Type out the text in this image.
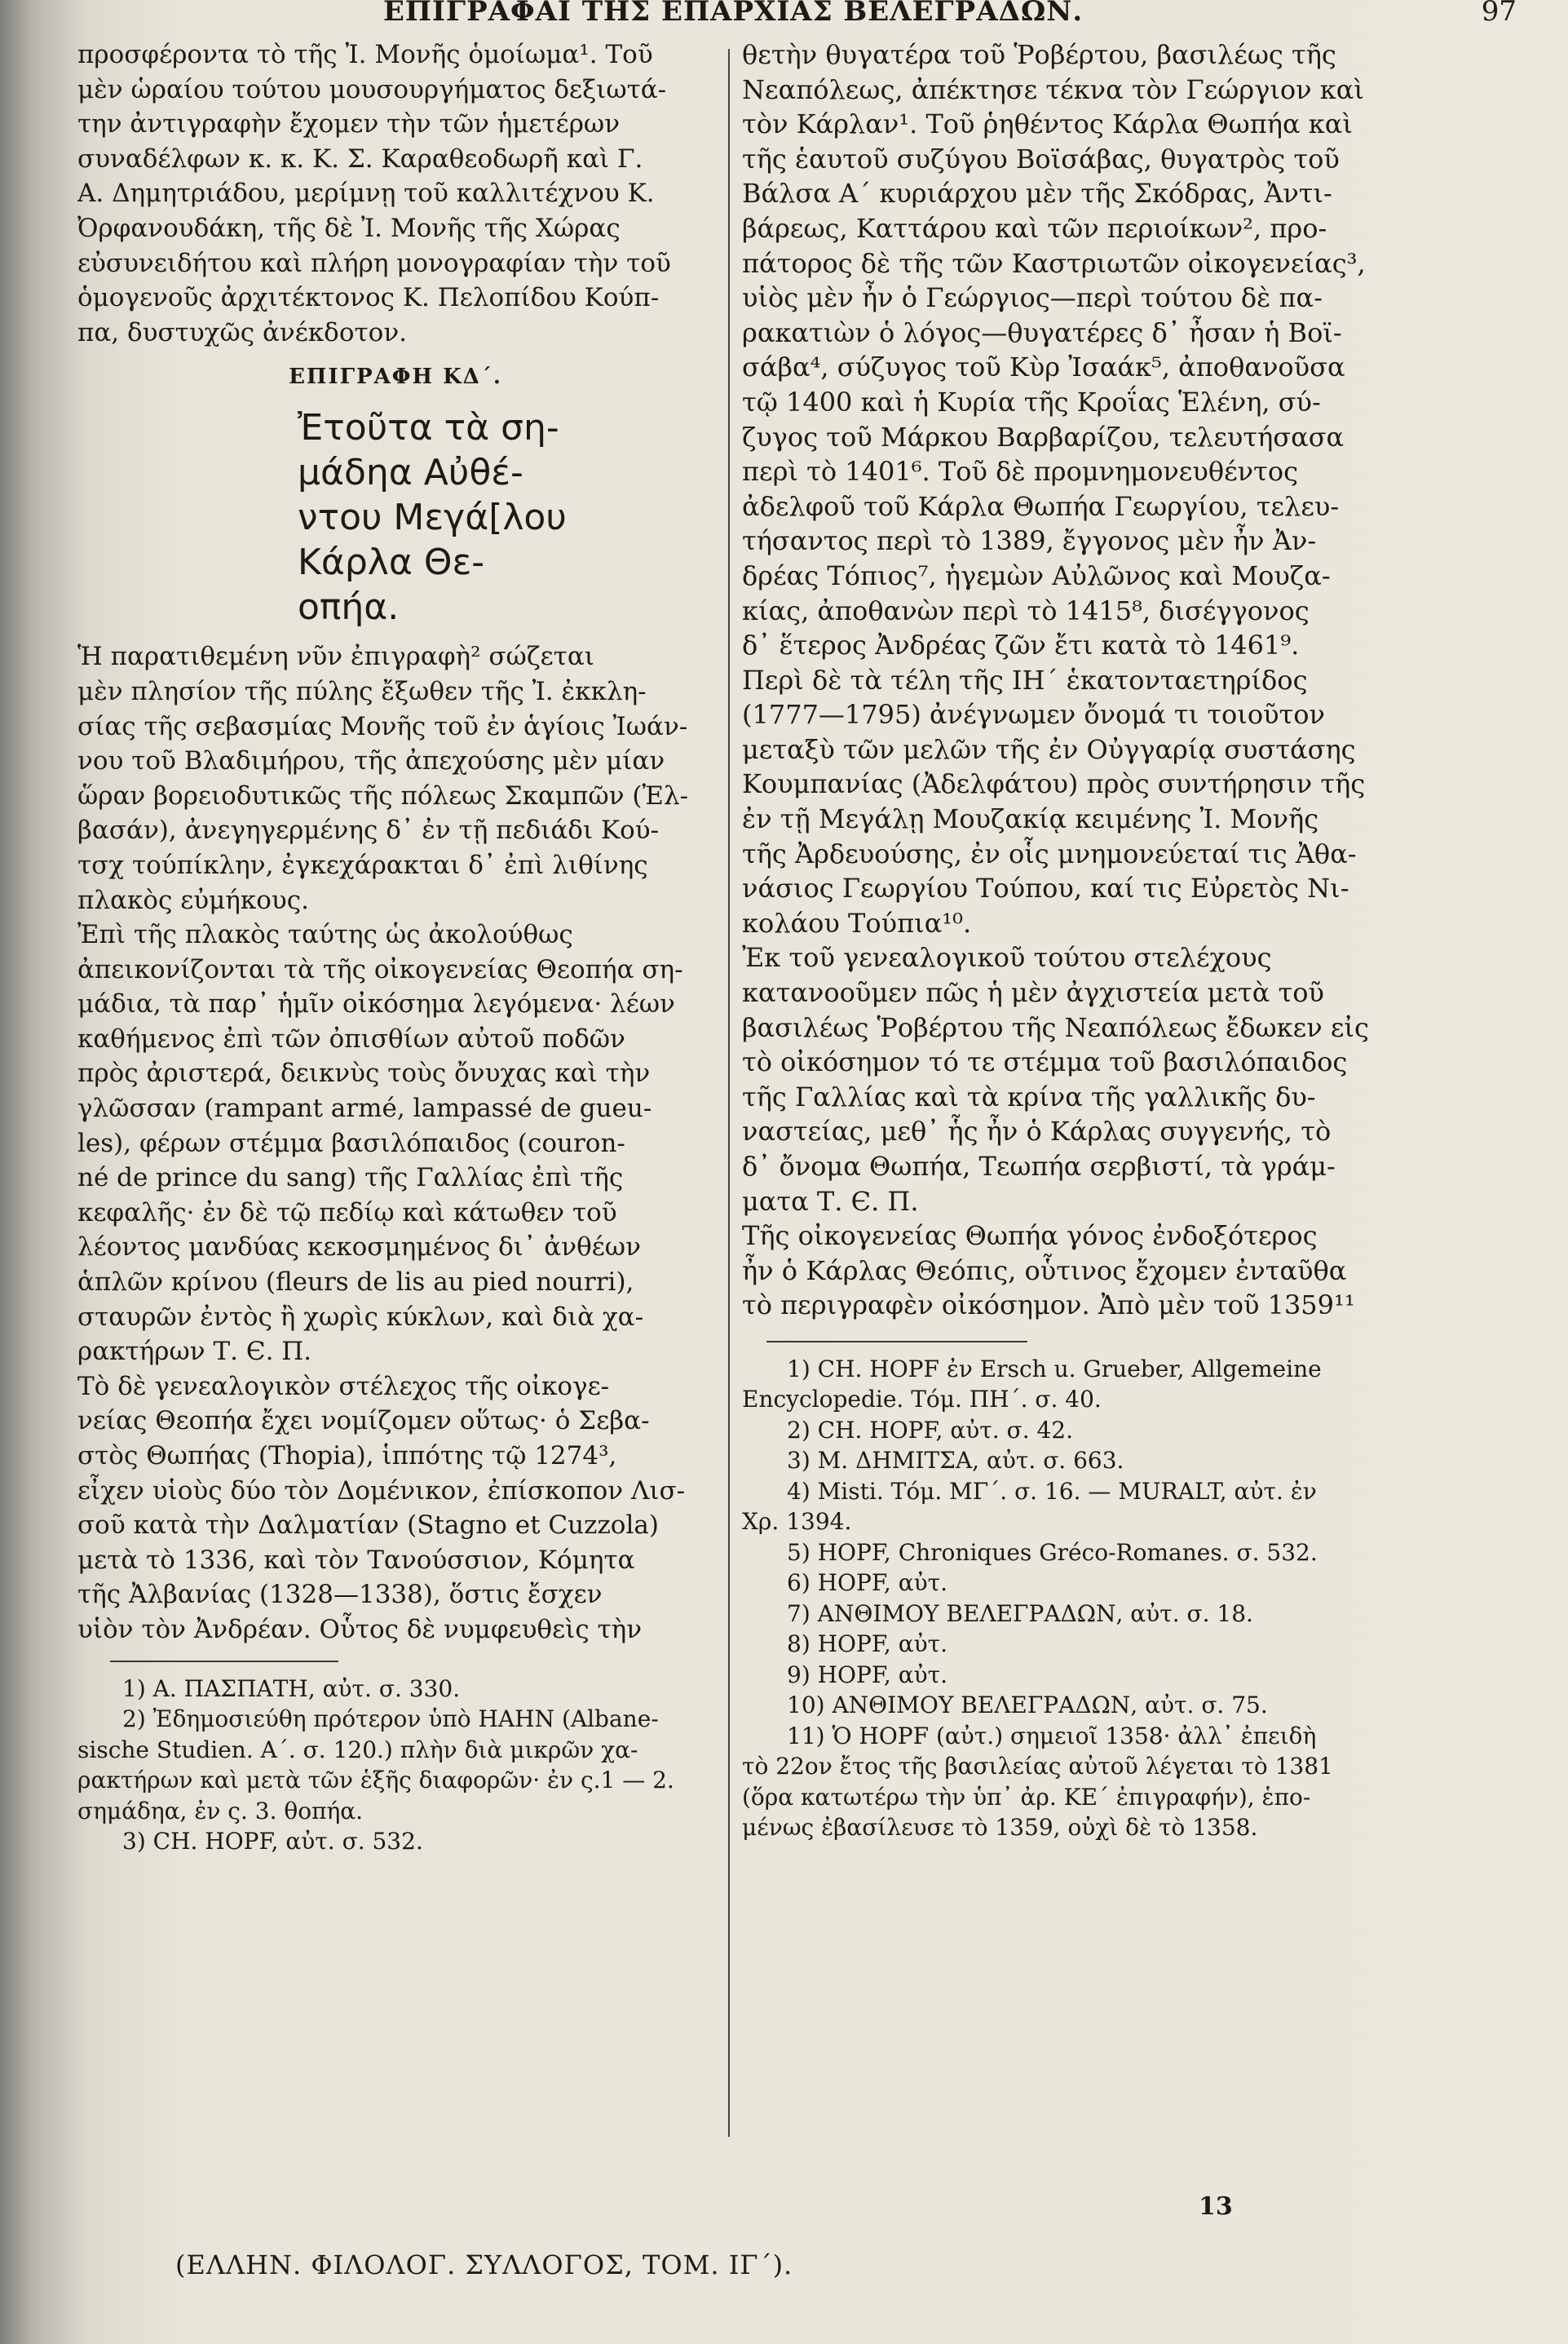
ΕΠΙΓΡΑΦΑΙ ΤΗΣ ΕΠΑΡΧΙΑΣ ΒΕΛΕΓΡΑΔΩΝ.	97
προσφέροντα τὸ τῆς Ἰ. Μονῆς ὁμοίωμα¹. Τοῦ
μὲν ὡραίου τούτου μουσουργήματος δεξιωτά-
την ἀντιγραφὴν ἔχομεν τὴν τῶν ἡμετέρων
συναδέλφων κ. κ. Κ. Σ. Καραθεοδωρῆ καὶ Γ.
Α. Δημητριάδου, μερίμνῃ τοῦ καλλιτέχνου Κ.
Ὀρφανουδάκη, τῆς δὲ Ἰ. Μονῆς τῆς Χώρας
εὐσυνειδήτου καὶ πλήρη μονογραφίαν τὴν τοῦ
ὁμογενοῦς ἀρχιτέκτονος Κ. Πελοπίδου Κούπ-
πα, δυστυχῶς ἀνέκδοτον.
ΕΠΙΓΡΑΦΗ ΚΔ΄.
Ἐτοῦτα τὰ ση-
μάδηα Αὐθέ-
ντου Μεγά[λου
Κάρλα Θε-
οπήα.
Ἡ παρατιθεμένη νῦν ἐπιγραφὴ² σώζεται
μὲν πλησίον τῆς πύλης ἔξωθεν τῆς Ἰ. ἐκκλη-
σίας τῆς σεβασμίας Μονῆς τοῦ ἐν ἁγίοις Ἰωάν-
νου τοῦ Βλαδιμήρου, τῆς ἀπεχούσης μὲν μίαν
ὥραν βορειοδυτικῶς τῆς πόλεως Σκαμπῶν (Ἐλ-
βασάν), ἀνεγηγερμένης δ᾽ ἐν τῇ πεδιάδι Κού-
τσχ τούπίκλην, ἐγκεχάρακται δ᾽ ἐπὶ λιθίνης
πλακὸς εὐμήκους.
Ἐπὶ τῆς πλακὸς ταύτης ὡς ἀκολούθως
ἀπεικονίζονται τὰ τῆς οἰκογενείας Θεοπήα ση-
μάδια, τὰ παρ᾽ ἡμῖν οἰκόσημα λεγόμενα· λέων
καθήμενος ἐπὶ τῶν ὀπισθίων αὐτοῦ ποδῶν
πρὸς ἀριστερά, δεικνὺς τοὺς ὄνυχας καὶ τὴν
γλῶσσαν (rampant armé, lampassé de gueu-
les), φέρων στέμμα βασιλόπαιδος (couron-
né de prince du sang) τῆς Γαλλίας ἐπὶ τῆς
κεφαλῆς· ἐν δὲ τῷ πεδίῳ καὶ κάτωθεν τοῦ
λέοντος μανδύας κεκοσμημένος δι᾽ ἀνθέων
ἁπλῶν κρίνου (fleurs de lis au pied nourri),
σταυρῶν ἐντὸς ἢ χωρὶς κύκλων, καὶ διὰ χα-
ρακτήρων Τ. Є. Π.
Τὸ δὲ γενεαλογικὸν στέλεχος τῆς οἰκογε-
νείας Θεοπήα ἔχει νομίζομεν οὕτως· ὁ Σεβα-
στὸς Θωπήας (Thopia), ἱππότης τῷ 1274³,
εἶχεν υἱοὺς δύο τὸν Δομένικον, ἐπίσκοπον Λισ-
σοῦ κατὰ τὴν Δαλματίαν (Stagno et Cuzzola)
μετὰ τὸ 1336, καὶ τὸν Τανούσσιον, Κόμητα
τῆς Ἀλβανίας (1328—1338), ὅστις ἔσχεν
υἱὸν τὸν Ἀνδρέαν. Οὗτος δὲ νυμφευθεὶς τὴν
1) Α. ΠΑΣΠΑΤΗ, αὐτ. σ. 330.
2) Ἐδημοσιεύθη πρότερον ὑπὸ HAHN (Albane-
sische Studien. Α΄. σ. 120.) πλὴν διὰ μικρῶν χα-
ρακτήρων καὶ μετὰ τῶν ἑξῆς διαφορῶν· ἐν ς.1 — 2.
σημάδηα, ἐν ς. 3. θοπήα.
3) CH. HOPF, αὐτ. σ. 532.
θετὴν θυγατέρα τοῦ Ῥοβέρτου, βασιλέως τῆς
Νεαπόλεως, ἀπέκτησε τέκνα τὸν Γεώργιον καὶ
τὸν Κάρλαν¹. Τοῦ ῥηθέντος Κάρλα Θωπήα καὶ
τῆς ἑαυτοῦ συζύγου Βοϊσάβας, θυγατρὸς τοῦ
Βάλσα Α΄ κυριάρχου μὲν τῆς Σκόδρας, Ἀντι-
βάρεως, Καττάρου καὶ τῶν περιοίκων², προ-
πάτορος δὲ τῆς τῶν Καστριωτῶν οἰκογενείας³,
υἱὸς μὲν ἦν ὁ Γεώργιος—περὶ τούτου δὲ πα-
ρακατιὼν ὁ λόγος—θυγατέρες δ᾽ ἦσαν ἡ Βοϊ-
σάβα⁴, σύζυγος τοῦ Κὺρ Ἰσαάκ⁵, ἀποθανοῦσα
τῷ 1400 καὶ ἡ Κυρία τῆς Κροΐας Ἑλένη, σύ-
ζυγος τοῦ Μάρκου Βαρβαρίζου, τελευτήσασα
περὶ τὸ 1401⁶. Τοῦ δὲ προμνημονευθέντος
ἀδελφοῦ τοῦ Κάρλα Θωπήα Γεωργίου, τελευ-
τήσαντος περὶ τὸ 1389, ἔγγονος μὲν ἦν Ἀν-
δρέας Τόπιος⁷, ἡγεμὼν Αὐλῶνος καὶ Μουζα-
κίας, ἀποθανὼν περὶ τὸ 1415⁸, δισέγγονος
δ᾽ ἕτερος Ἀνδρέας ζῶν ἔτι κατὰ τὸ 1461⁹.
Περὶ δὲ τὰ τέλη τῆς ΙΗ΄ ἑκατονταετηρίδος
(1777—1795) ἀνέγνωμεν ὄνομά τι τοιοῦτον
μεταξὺ τῶν μελῶν τῆς ἐν Οὐγγαρίᾳ συστάσης
Κουμπανίας (Ἀδελφάτου) πρὸς συντήρησιν τῆς
ἐν τῇ Μεγάλῃ Μουζακίᾳ κειμένης Ἰ. Μονῆς
τῆς Ἀρδευούσης, ἐν οἷς μνημονεύεταί τις Ἀθα-
νάσιος Γεωργίου Τούπου, καί τις Εὐρετὸς Νι-
κολάου Τούπια¹⁰.
Ἐκ τοῦ γενεαλογικοῦ τούτου στελέχους
κατανοοῦμεν πῶς ἡ μὲν ἀγχιστεία μετὰ τοῦ
βασιλέως Ῥοβέρτου τῆς Νεαπόλεως ἔδωκεν εἰς
τὸ οἰκόσημον τό τε στέμμα τοῦ βασιλόπαιδος
τῆς Γαλλίας καὶ τὰ κρίνα τῆς γαλλικῆς δυ-
ναστείας, μεθ᾽ ἧς ἦν ὁ Κάρλας συγγενής, τὸ
δ᾽ ὄνομα Θωπήα, Τεωπήα σερβιστί, τὰ γράμ-
ματα Τ. Є. Π.
Τῆς οἰκογενείας Θωπήα γόνος ἐνδοξότερος
ἦν ὁ Κάρλας Θεόπις, οὗτινος ἔχομεν ἐνταῦθα
τὸ περιγραφὲν οἰκόσημον. Ἀπὸ μὲν τοῦ 1359¹¹
1) CH. HOPF ἐν Ersch u. Grueber, Allgemeine
Encyclopedie. Τόμ. ΠΗ΄. σ. 40.
2) CH. HOPF, αὐτ. σ. 42.
3) Μ. ΔΗΜΙΤΣΑ, αὐτ. σ. 663.
4) Misti. Τόμ. ΜΓ΄. σ. 16. — MURALT, αὐτ. ἐν
Χρ. 1394.
5) HOPF, Chroniques Gréco-Romanes. σ. 532.
6) HOPF, αὐτ.
7) ΑΝΘΙΜΟΥ ΒΕΛΕΓΡΑΔΩΝ, αὐτ. σ. 18.
8) HOPF, αὐτ.
9) HOPF, αὐτ.
10) ΑΝΘΙΜΟΥ ΒΕΛΕΓΡΑΔΩΝ, αὐτ. σ. 75.
11) Ὁ HOPF (αὐτ.) σημειοῖ 1358· ἀλλ᾽ ἐπειδὴ
τὸ 22ον ἔτος τῆς βασιλείας αὐτοῦ λέγεται τὸ 1381
(ὅρα κατωτέρω τὴν ὑπ᾽ ἀρ. ΚΕ΄ ἐπιγραφήν), ἑπο-
μένως ἐβασίλευσε τὸ 1359, οὐχὶ δὲ τὸ 1358.
13
(ΕΛΛΗΝ. ΦΙΛΟΛΟΓ. ΣΥΛΛΟΓΟΣ, ΤΟΜ. ΙΓ΄).
